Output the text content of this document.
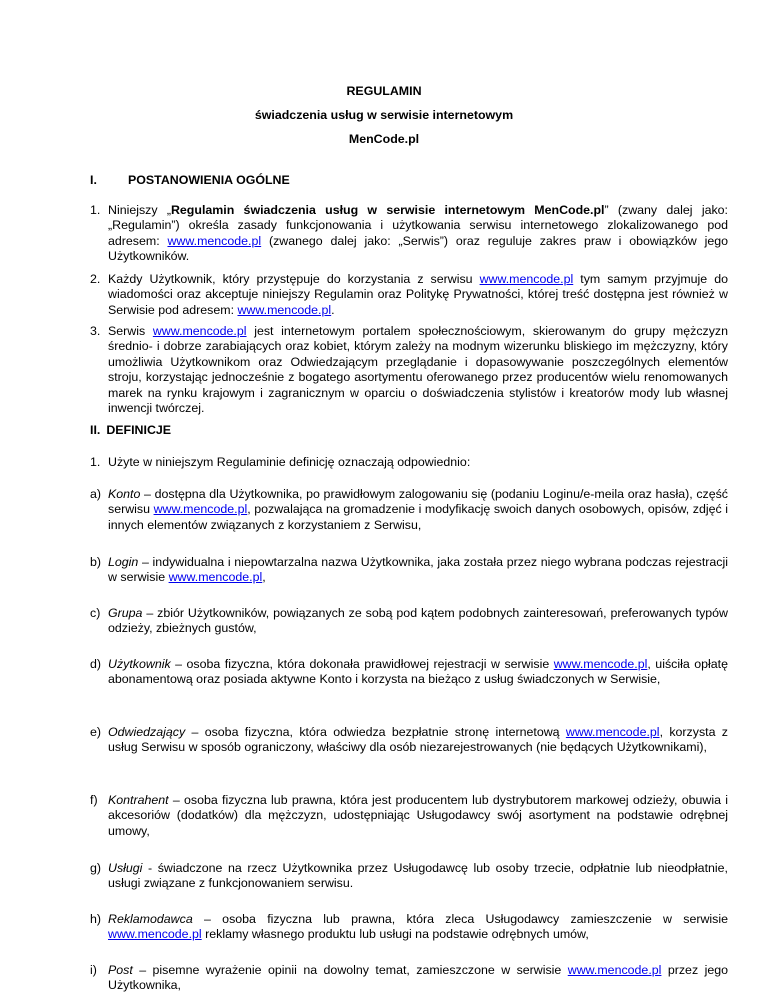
REGULAMIN
świadczenia usług w serwisie internetowym
MenCode.pl
I.	POSTANOWIENIA OGÓLNE
1. Niniejszy „Regulamin świadczenia usług w serwisie internetowym MenCode.pl” (zwany dalej jako: „Regulamin”) określa zasady funkcjonowania i użytkowania serwisu internetowego zlokalizowanego pod adresem: www.mencode.pl (zwanego dalej jako: „Serwis”) oraz reguluje zakres praw i obowiązków jego Użytkowników.
2. Każdy Użytkownik, który przystępuje do korzystania z serwisu www.mencode.pl tym samym przyjmuje do wiadomości oraz akceptuje niniejszy Regulamin oraz Politykę Prywatności, której treść dostępna jest również w Serwisie pod adresem: www.mencode.pl.
3. Serwis www.mencode.pl jest internetowym portalem społecznościowym, skierowanym do grupy mężczyzn średnio- i dobrze zarabiających oraz kobiet, którym zależy na modnym wizerunku bliskiego im mężczyzny, który umożliwia Użytkownikom oraz Odwiedzającym przeglądanie i dopasowywanie poszczególnych elementów stroju, korzystając jednocześnie z bogatego asortymentu oferowanego przez producentów wielu renomowanych marek na rynku krajowym i zagranicznym w oparciu o doświadczenia stylistów i kreatorów mody lub własnej inwencji twórczej.
II. DEFINICJE
1. Użyte w niniejszym Regulaminie definicję oznaczają odpowiednio:
a) Konto – dostępna dla Użytkownika, po prawidłowym zalogowaniu się (podaniu Loginu/e-meila oraz hasła), część serwisu www.mencode.pl, pozwalająca na gromadzenie i modyfikację swoich danych osobowych, opisów, zdjęć i innych elementów związanych z korzystaniem z Serwisu,
b) Login – indywidualna i niepowtarzalna nazwa Użytkownika, jaka została przez niego wybrana podczas rejestracji w serwisie www.mencode.pl,
c) Grupa – zbiór Użytkowników, powiązanych ze sobą pod kątem podobnych zainteresowań, preferowanych typów odzieży, zbieżnych gustów,
d) Użytkownik – osoba fizyczna, która dokonała prawidłowej rejestracji w serwisie www.mencode.pl, uiściła opłatę abonamentową oraz posiada aktywne Konto i korzysta na bieżąco z usług świadczonych w Serwisie,
e) Odwiedzający – osoba fizyczna, która odwiedza bezpłatnie stronę internetową www.mencode.pl, korzysta z usług Serwisu w sposób ograniczony, właściwy dla osób niezarejestrowanych (nie będących Użytkownikami),
f) Kontrahent – osoba fizyczna lub prawna, która jest producentem lub dystrybutorem markowej odzieży, obuwia i akcesoriów (dodatków) dla mężczyzn, udostępniając Usługodawcy swój asortyment na podstawie odrębnej umowy,
g) Usługi - świadczone na rzecz Użytkownika przez Usługodawcę lub osoby trzecie, odpłatnie lub nieodpłatnie, usługi związane z funkcjonowaniem serwisu.
h) Reklamodawca – osoba fizyczna lub prawna, która zleca Usługodawcy zamieszczenie w serwisie www.mencode.pl reklamy własnego produktu lub usługi na podstawie odrębnych umów,
i) Post – pisemne wyrażenie opinii na dowolny temat, zamieszczone w serwisie www.mencode.pl przez jego Użytkownika,
